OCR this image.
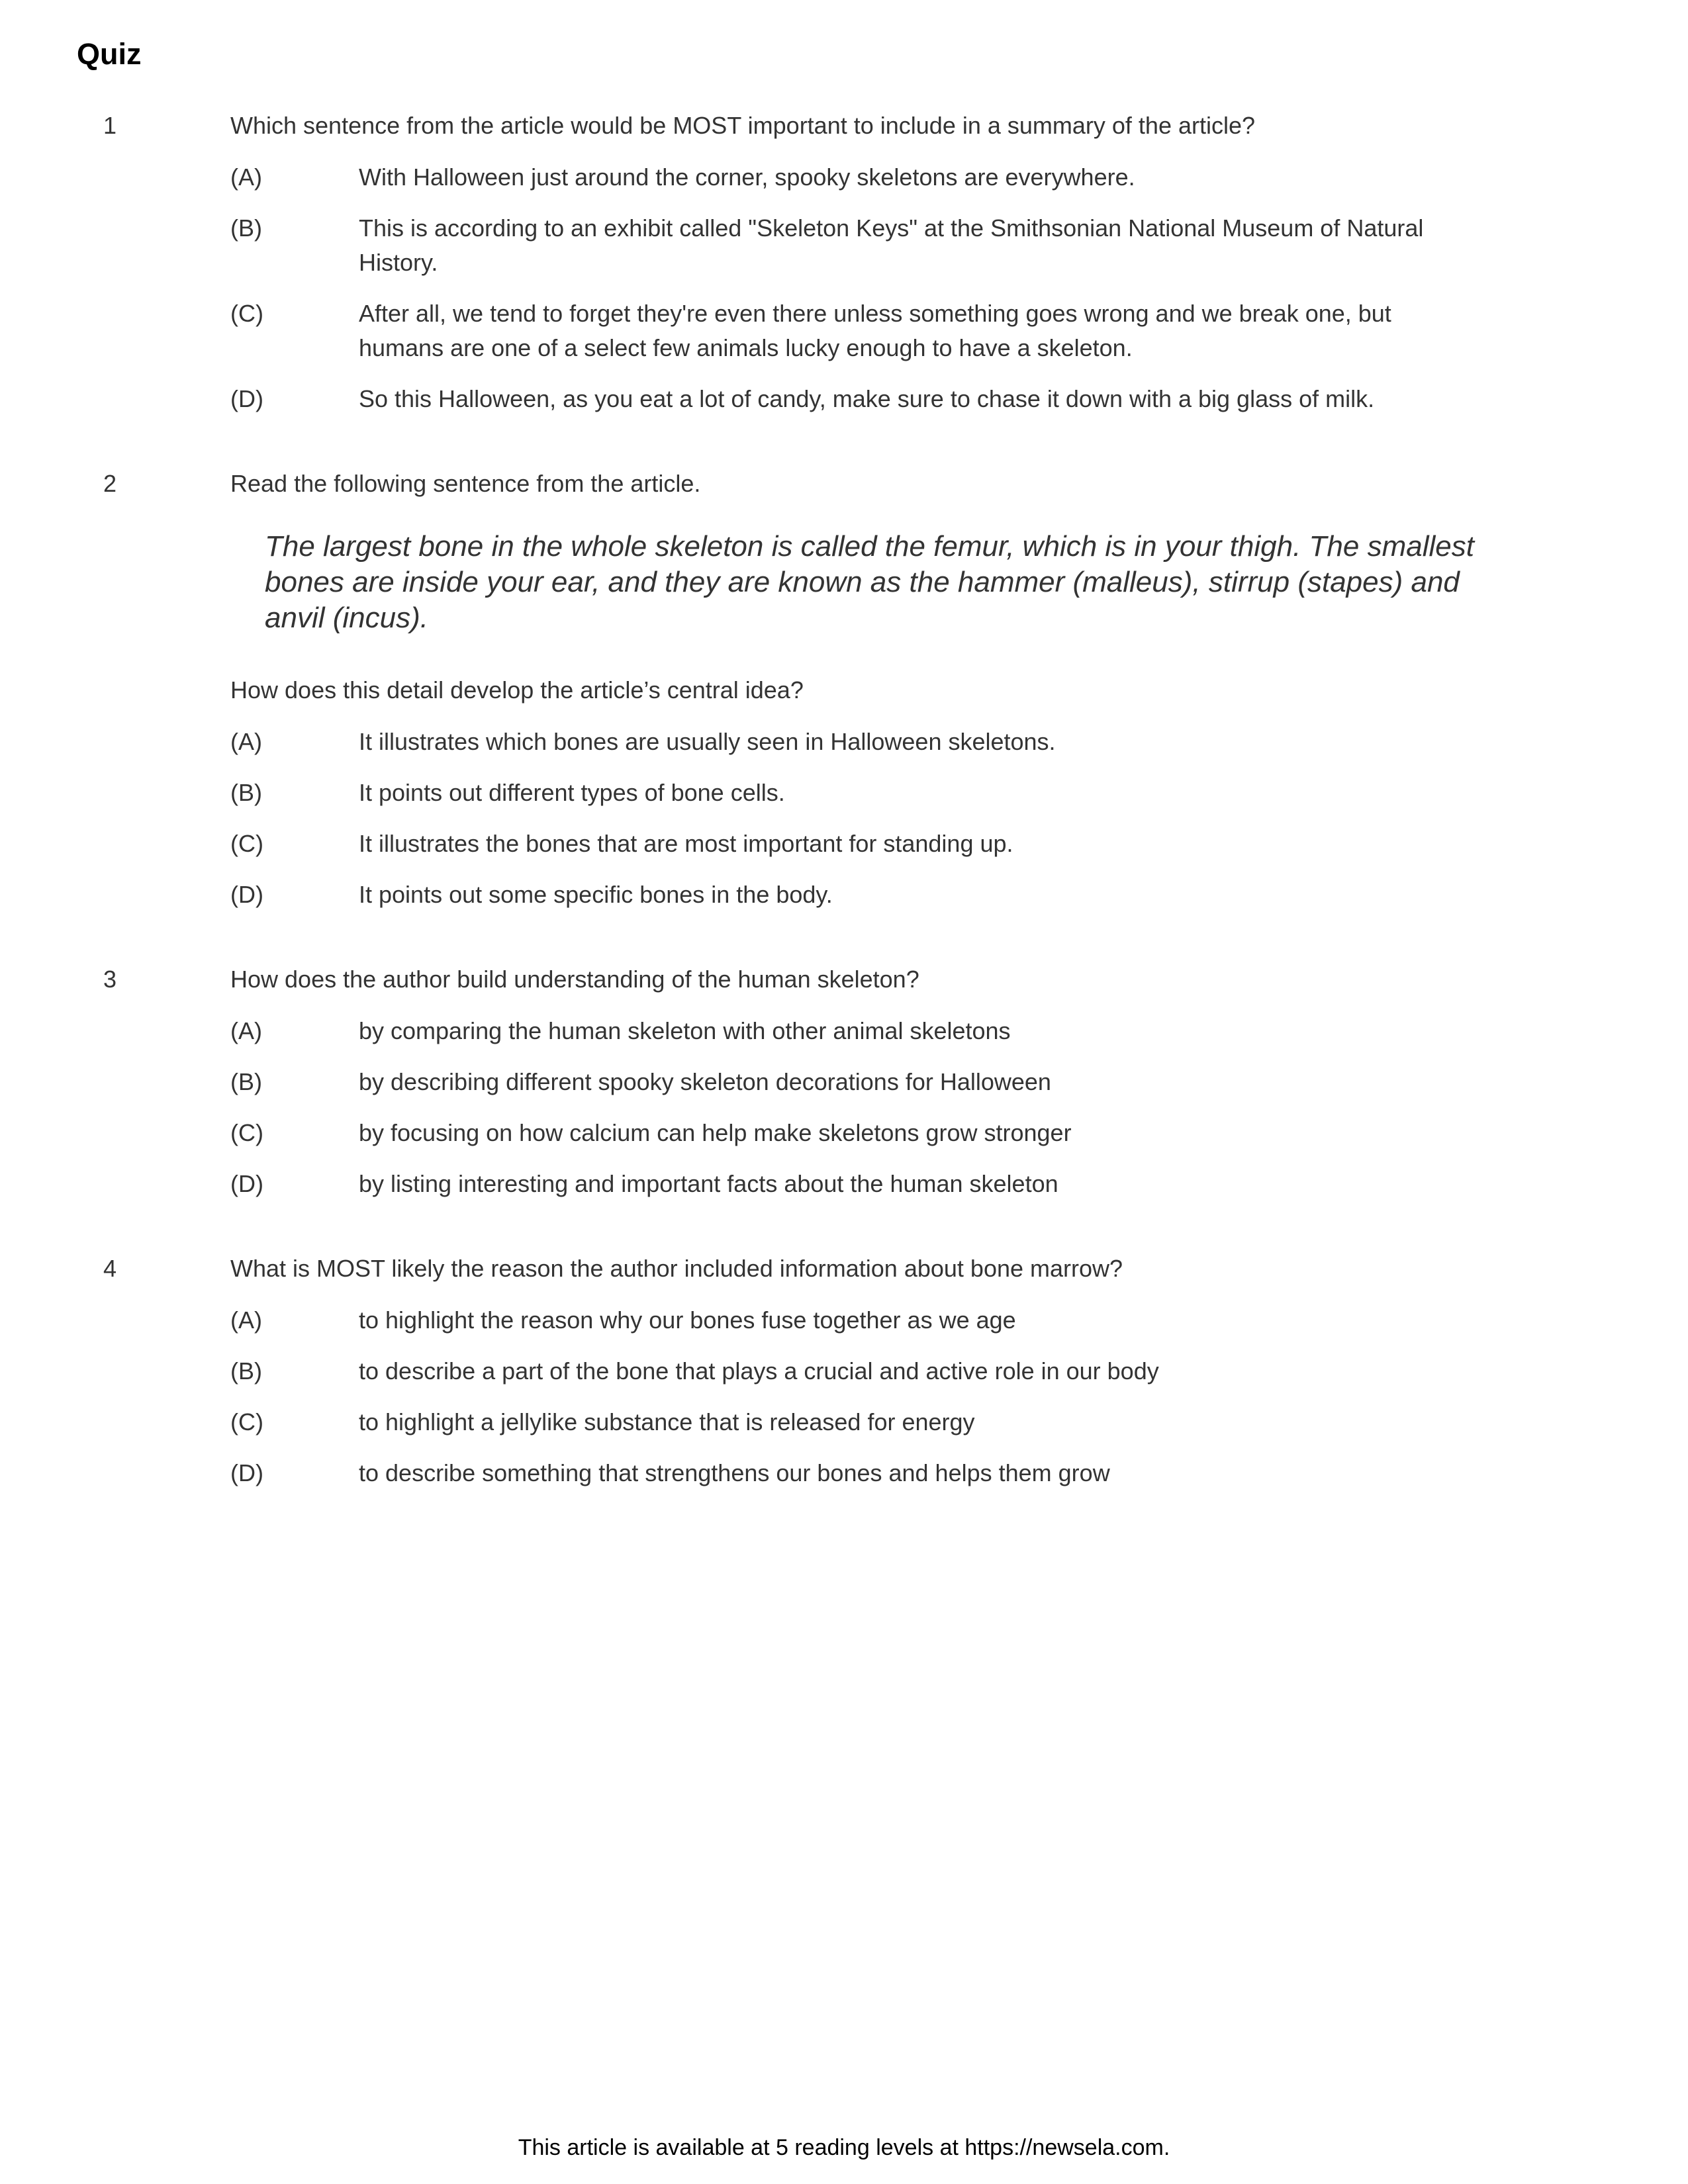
Quiz
1	Which sentence from the article would be MOST important to include in a summary of the article?
(A)	With Halloween just around the corner, spooky skeletons are everywhere.
(B)	This is according to an exhibit called "Skeleton Keys" at the Smithsonian National Museum of Natural History.
(C)	After all, we tend to forget they're even there unless something goes wrong and we break one, but humans are one of a select few animals lucky enough to have a skeleton.
(D)	So this Halloween, as you eat a lot of candy, make sure to chase it down with a big glass of milk.
2	Read the following sentence from the article.
The largest bone in the whole skeleton is called the femur, which is in your thigh. The smallest bones are inside your ear, and they are known as the hammer (malleus), stirrup (stapes) and anvil (incus).
How does this detail develop the article’s central idea?
(A)	It illustrates which bones are usually seen in Halloween skeletons.
(B)	It points out different types of bone cells.
(C)	It illustrates the bones that are most important for standing up.
(D)	It points out some specific bones in the body.
3	How does the author build understanding of the human skeleton?
(A)	by comparing the human skeleton with other animal skeletons
(B)	by describing different spooky skeleton decorations for Halloween
(C)	by focusing on how calcium can help make skeletons grow stronger
(D)	by listing interesting and important facts about the human skeleton
4	What is MOST likely the reason the author included information about bone marrow?
(A)	to highlight the reason why our bones fuse together as we age
(B)	to describe a part of the bone that plays a crucial and active role in our body
(C)	to highlight a jellylike substance that is released for energy
(D)	to describe something that strengthens our bones and helps them grow
This article is available at 5 reading levels at https://newsela.com.
